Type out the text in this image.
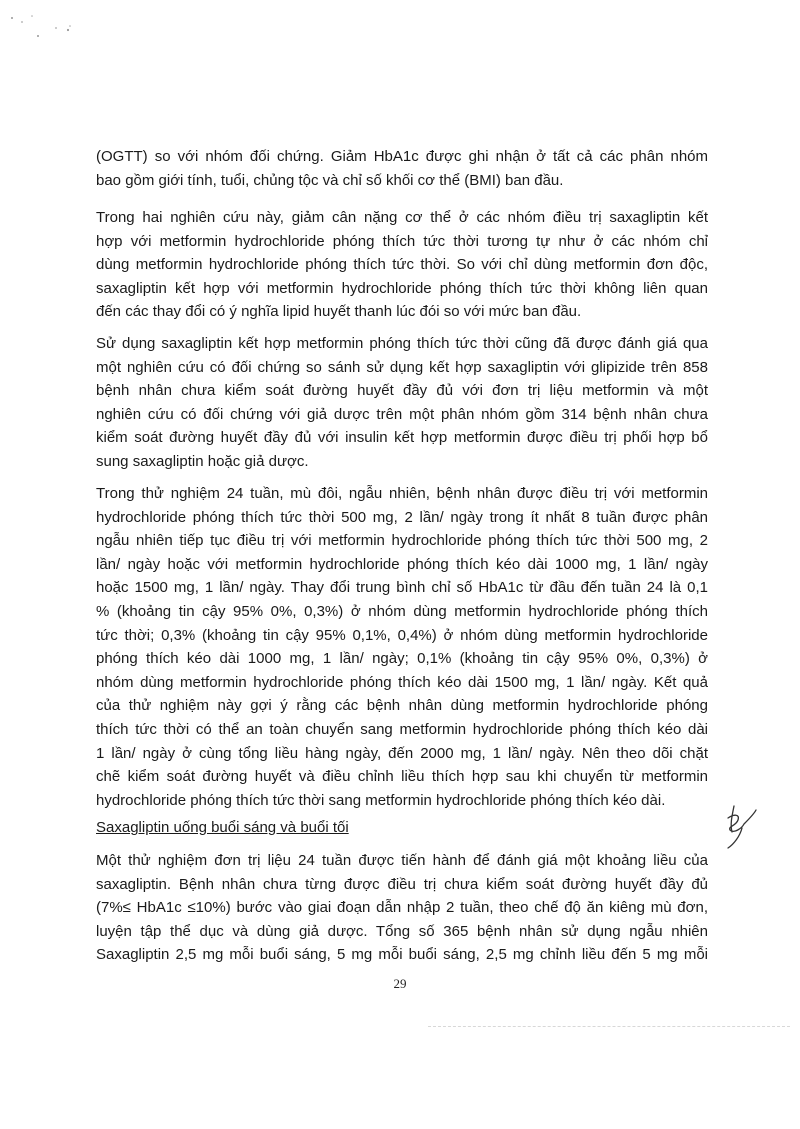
(OGTT) so với nhóm đối chứng. Giảm HbA1c được ghi nhận ở tất cả các phân nhóm
bao gồm giới tính, tuổi, chủng tộc và chỉ số khối cơ thể (BMI) ban đầu.
Trong hai nghiên cứu này, giảm cân nặng cơ thể ở các nhóm điều trị saxagliptin kết
hợp với metformin hydrochloride phóng thích tức thời tương tự như ở các nhóm chỉ
dùng metformin hydrochloride phóng thích tức thời. So với chỉ dùng metformin đơn độc,
saxagliptin kết hợp với metformin hydrochloride phóng thích tức thời không liên quan
đến các thay đổi có ý nghĩa lipid huyết thanh lúc đói so với mức ban đầu.
Sử dụng saxagliptin kết hợp metformin phóng thích tức thời cũng đã được đánh giá qua
một nghiên cứu có đối chứng so sánh sử dụng kết hợp saxagliptin với glipizide trên 858
bệnh nhân chưa kiểm soát đường huyết đầy đủ với đơn trị liệu metformin và một
nghiên cứu có đối chứng với giả dược trên một phân nhóm gồm 314 bệnh nhân chưa
kiểm soát đường huyết đầy đủ với insulin kết hợp metformin được điều trị phối hợp bổ
sung saxagliptin hoặc giả dược.
Trong thử nghiệm 24 tuần, mù đôi, ngẫu nhiên, bệnh nhân được điều trị với metformin
hydrochloride phóng thích tức thời 500 mg, 2 lần/ ngày trong ít nhất 8 tuần được phân
ngẫu nhiên tiếp tục điều trị với metformin hydrochloride phóng thích tức thời 500 mg, 2
lần/ ngày hoặc với metformin hydrochloride phóng thích kéo dài 1000 mg, 1 lần/ ngày
hoặc 1500 mg, 1 lần/ ngày. Thay đổi trung bình chỉ số HbA1c từ đầu đến tuần 24 là 0,1
% (khoảng tin cậy 95% 0%, 0,3%) ở nhóm dùng metformin hydrochloride phóng thích
tức thời; 0,3% (khoảng tin cậy 95% 0,1%, 0,4%) ở nhóm dùng metformin hydrochloride
phóng thích kéo dài 1000 mg, 1 lần/ ngày; 0,1% (khoảng tin cậy 95% 0%, 0,3%) ở
nhóm dùng metformin hydrochloride phóng thích kéo dài 1500 mg, 1 lần/ ngày. Kết quả
của thử nghiệm này gợi ý rằng các bệnh nhân dùng metformin hydrochloride phóng
thích tức thời có thể an toàn chuyển sang metformin hydrochloride phóng thích kéo dài
1 lần/ ngày ở cùng tổng liều hàng ngày, đến 2000 mg, 1 lần/ ngày. Nên theo dõi chặt
chẽ kiểm soát đường huyết và điều chỉnh liều thích hợp sau khi chuyển từ metformin
hydrochloride phóng thích tức thời sang metformin hydrochloride phóng thích kéo dài.

Saxagliptin uống buổi sáng và buổi tối

Một thử nghiệm đơn trị liệu 24 tuần được tiến hành để đánh giá một khoảng liều của
saxagliptin. Bệnh nhân chưa từng được điều trị chưa kiểm soát đường huyết đầy đủ
(7%≤ HbA1c ≤10%) bước vào giai đoạn dẫn nhập 2 tuần, theo chế độ ăn kiêng mù đơn,
luyện tập thể dục và dùng giả dược. Tổng số 365 bệnh nhân sử dụng ngẫu nhiên
Saxagliptin 2,5 mg mỗi buổi sáng, 5 mg mỗi buổi sáng, 2,5 mg chỉnh liều đến 5 mg mỗi
29
